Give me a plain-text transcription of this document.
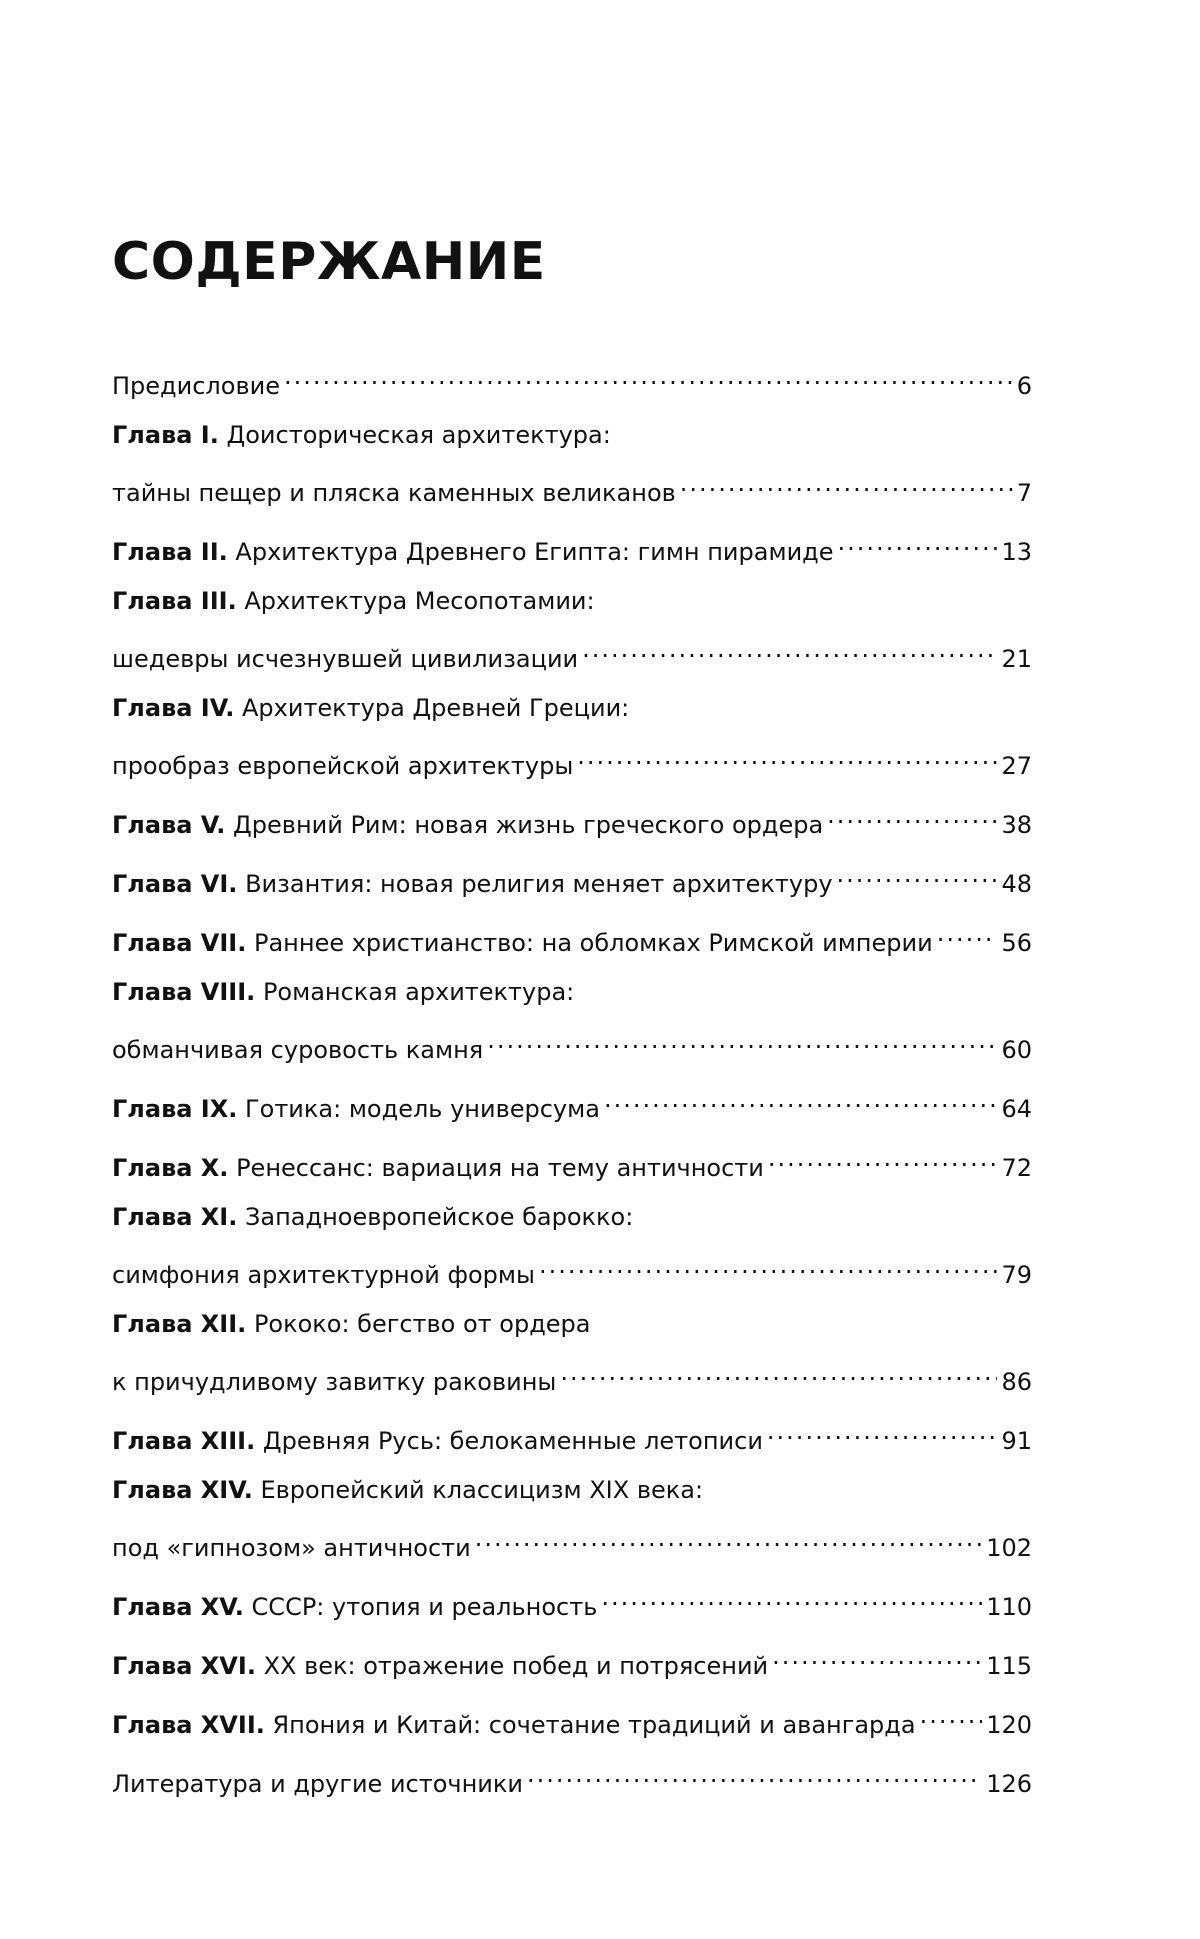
СОДЕРЖАНИЕ
Предисловие .....	6
Глава I. Доисторическая архитектура:
тайны пещер и пляска каменных великанов .....	7
Глава II. Архитектура Древнего Египта: гимн пирамиде .....	13
Глава III. Архитектура Месопотамии:
шедевры исчезнувшей цивилизации .....	21
Глава IV. Архитектура Древней Греции:
прообраз европейской архитектуры .....	27
Глава V. Древний Рим: новая жизнь греческого ордера .....	38
Глава VI. Византия: новая религия меняет архитектуру .....	48
Глава VII. Раннее христианство: на обломках Римской империи .....	56
Глава VIII. Романская архитектура:
обманчивая суровость камня .....	60
Глава IX. Готика: модель универсума .....	64
Глава X. Ренессанс: вариация на тему античности .....	72
Глава XI. Западноевропейское барокко:
симфония архитектурной формы .....	79
Глава XII. Рококо: бегство от ордера
к причудливому завитку раковины .....	86
Глава XIII. Древняя Русь: белокаменные летописи .....	91
Глава XIV. Европейский классицизм XIX века:
под «гипнозом» античности .....	102
Глава XV. СССР: утопия и реальность .....	110
Глава XVI. XX век: отражение побед и потрясений .....	115
Глава XVII. Япония и Китай: сочетание традиций и авангарда .....	120
Литература и другие источники .....	126
